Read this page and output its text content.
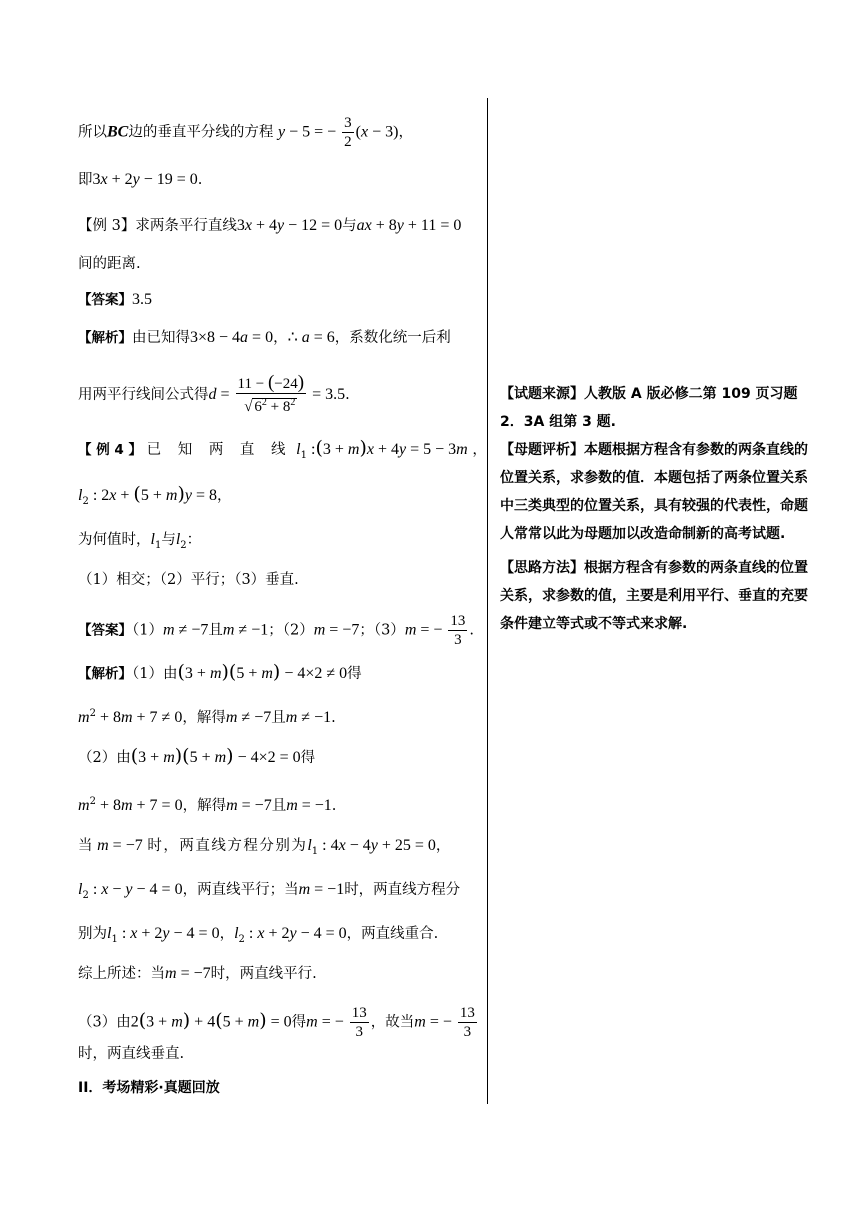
所以BC边的垂直平分线的方程 y − 5 = − $\frac{3}{2} (x - 3)$，
即3x + 2y − 19 = 0.
【例 3】求两条平行直线3x + 4y − 12 = 0与ax + 8y + 11 = 0
间的距离.
【答案】3.5
【解析】由已知得3×8 − 4a = 0，∴ a = 6，系数化统一后利
用两平行线间公式得$d = \frac{11 - (-24)}{√ 6^2 + 8^2} = 3.5$.
【 例 4 】 已 知 两 直 线 $l_1$ :(3 + m)x + 4y = 5 − 3m ，
$l_2$ : 2x + (5 + m)y = 8，
为何值时，$l_1$与$l_2$：
（1）相交；（2）平行；（3）垂直.
【答案】（1）m ≠ −7且m ≠ −1；（2）m = −7；（3）m = − $\frac{13}{3}$ .
【解析】（1）由(3 + m)(5 + m) − 4×2 ≠ 0得
$m^2 + 8m + 7 \ne 0$，解得m ≠ −7且m ≠ −1.
（2）由(3 + m)(5 + m) − 4×2 = 0得
$m^2 + 8m + 7 = 0$，解得m = −7且m = −1.
当 m = −7 时，两直线方程分别为$l_1$ : 4x − 4y + 25 = 0，
$l_2$ : x − y − 4 = 0，两直线平行；当m = −1时，两直线方程分
别为$l_1$ : x + 2y − 4 = 0，$l_2$ : x + 2y − 4 = 0，两直线重合.
综上所述：当m = −7时，两直线平行.
（3）由2(3 + m) + 4(5 + m) = 0得m = − $\frac{13}{3}$ ，故当m = − $\frac{13}{3}$
时，两直线垂直.
II．考场精彩·真题回放

【试题来源】人教版 A 版必修二第 109 页习题 2．3A 组第 3 题.

【母题评析】本题根据方程含有参数的两条直线的位置关系，求参数的值．本题包括了两条位置关系中三类典型的位置关系，具有较强的代表性，命题人常常以此为母题加以改造命制新的高考试题.

【思路方法】根据方程含有参数的两条直线的位置关系，求参数的值，主要是利用平行、垂直的充要条件建立等式或不等式来求解.
